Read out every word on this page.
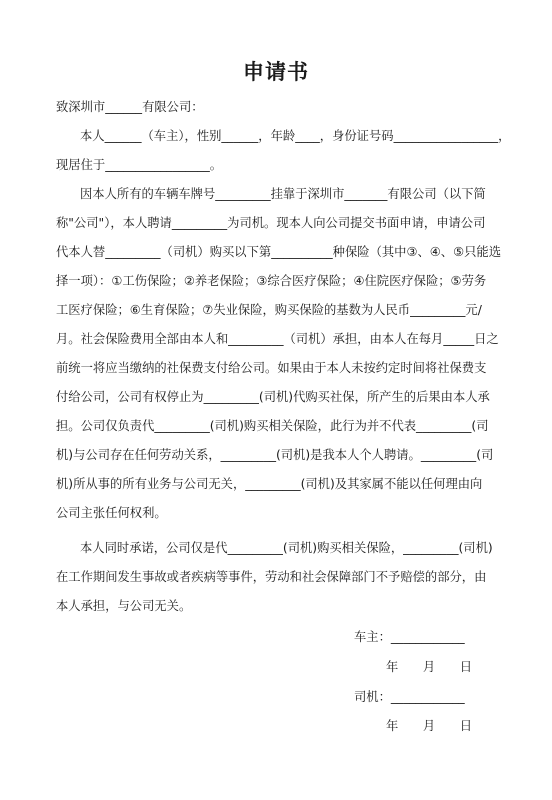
申请书

致深圳市______有限公司：

本人______（车主），性别______，年龄____，身份证号码_________________，

现居住于_________________。

因本人所有的车辆车牌号_________挂靠于深圳市_______有限公司（以下简

称"公司"），本人聘请_________为司机。现本人向公司提交书面申请，申请公司

代本人替_________（司机）购买以下第__________种保险（其中③、④、⑤只能选

择一项）：①工伤保险；②养老保险；③综合医疗保险；④住院医疗保险；⑤劳务

工医疗保险；⑥生育保险；⑦失业保险，购买保险的基数为人民币_________元/

月。社会保险费用全部由本人和_________（司机）承担，由本人在每月_____日之

前统一将应当缴纳的社保费支付给公司。如果由于本人未按约定时间将社保费支

付给公司，公司有权停止为_________(司机)代购买社保，所产生的后果由本人承

担。公司仅负责代_________(司机)购买相关保险，此行为并不代表_________(司

机)与公司存在任何劳动关系，_________(司机)是我本人个人聘请。_________(司

机)所从事的所有业务与公司无关，_________(司机)及其家属不能以任何理由向

公司主张任何权利。

本人同时承诺，公司仅是代_________(司机)购买相关保险，_________(司机)

在工作期间发生事故或者疾病等事件，劳动和社会保障部门不予赔偿的部分，由

本人承担，与公司无关。

车主：____________

年　　月　　日

司机：____________

年　　月　　日
